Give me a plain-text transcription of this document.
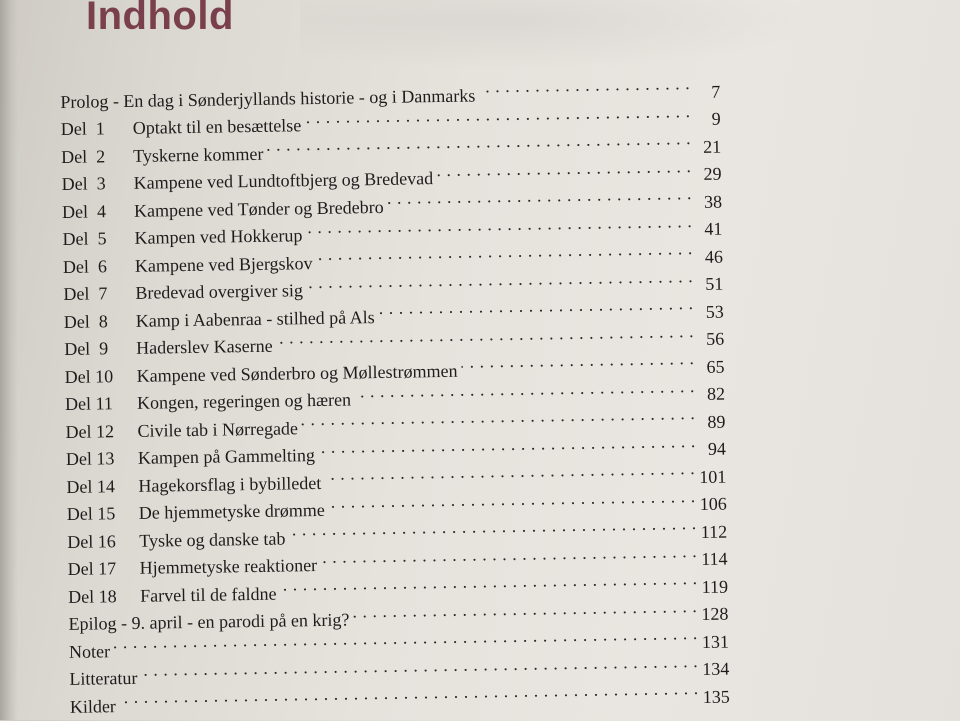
Indhold
Prolog - En dag i Sønderjyllands historie - og i Danmarks . . .	7
Del  1	Optakt til en besættelse . . .	9
Del  2	Tyskerne kommer . . .	21
Del  3	Kampene ved Lundtoftbjerg og Bredevad . . .	29
Del  4	Kampene ved Tønder og Bredebro . . .	38
Del  5	Kampen ved Hokkerup . . .	41
Del  6	Kampene ved Bjergskov . . .	46
Del  7	Bredevad overgiver sig . . .	51
Del  8	Kamp i Aabenraa - stilhed på Als . . .	53
Del  9	Haderslev Kaserne . . .	56
Del 10	Kampene ved Sønderbro og Møllestrømmen . . .	65
Del 11	Kongen, regeringen og hæren . . .	82
Del 12	Civile tab i Nørregade . . .	89
Del 13	Kampen på Gammelting . . .	94
Del 14	Hagekorsflag i bybilledet . . .	101
Del 15	De hjemmetyske drømme . . .	106
Del 16	Tyske og danske tab . . .	112
Del 17	Hjemmetyske reaktioner . . .	114
Del 18	Farvel til de faldne . . .	119
Epilog - 9. april - en parodi på en krig? . . .	128
Noter . . .	131
Litteratur . . .	134
Kilder . . .	135
